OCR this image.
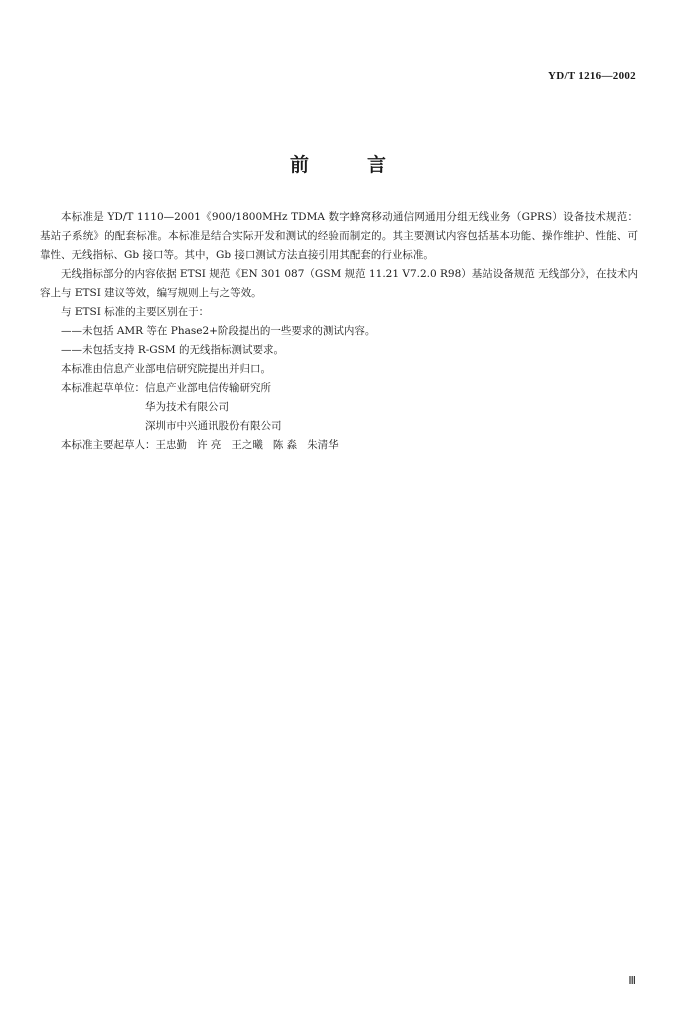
YD/T 1216—2002
前	言

本标准是 YD/T 1110—2001《900/1800MHz TDMA 数字蜂窝移动通信网通用分组无线业务（GPRS）设备技术规范：基站子系统》的配套标准。本标准是结合实际开发和测试的经验而制定的。其主要测试内容包括基本功能、操作维护、性能、可靠性、无线指标、Gb 接口等。其中，Gb 接口测试方法直接引用其配套的行业标准。

无线指标部分的内容依据 ETSI 规范《EN 301 087（GSM 规范 11.21 V7.2.0 R98）基站设备规范 无线部分》，在技术内容上与 ETSI 建议等效，编写规则上与之等效。

与 ETSI 标准的主要区别在于：

——未包括 AMR 等在 Phase2+阶段提出的一些要求的测试内容。

——未包括支持 R-GSM 的无线指标测试要求。

本标准由信息产业部电信研究院提出并归口。

本标准起草单位：信息产业部电信传输研究所

华为技术有限公司

深圳市中兴通讯股份有限公司

本标准主要起草人：王忠勤 许 亮 王之曦 陈 淼 朱清华

Ⅲ
